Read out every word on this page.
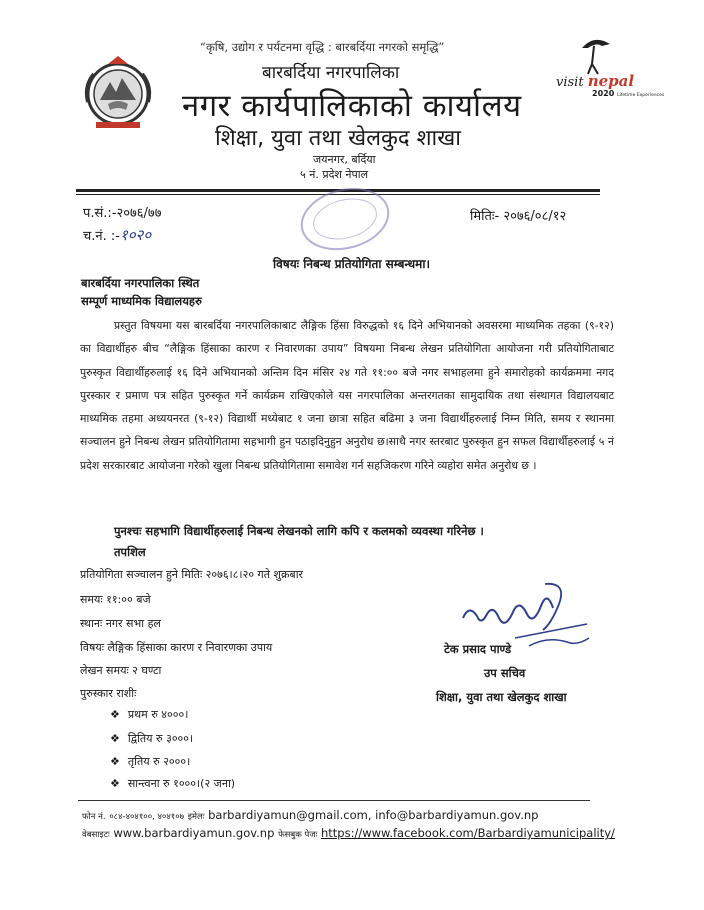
visit nepal
2020 Lifetime Experiences
“कृषि, उद्योग र पर्यटनमा वृद्धि : बारबर्दिया नगरको समृद्धि”
बारबर्दिया नगरपालिका
नगर कार्यपालिकाको कार्यालय
शिक्षा, युवा तथा खेलकुद शाखा
जयनगर, बर्दिया
५ नं. प्रदेश नेपाल
प.सं.:-२०७६/७७
च.नं. :-१०२०
मितिः- २०७६/०८/१२
विषयः निबन्ध प्रतियोगिता सम्बन्धमा।
बारबर्दिया नगरपालिका स्थित
सम्पूर्ण माध्यमिक विद्यालयहरु
प्रस्तुत विषयमा यस बारबर्दिया नगरपालिकाबाट लैङ्गिक हिंसा विरुद्धको १६ दिने अभियानको अवसरमा माध्यमिक तहका (९-१२) का विद्यार्थीहरु बीच “लैङ्गिक हिंसाका कारण र निवारणका उपाय” विषयमा निबन्ध लेखन प्रतियोगिता आयोजना गरी प्रतियोगिताबाट पुरुस्कृत विद्यार्थीहरुलाई १६ दिने अभियानको अन्तिम दिन मंसिर २४ गते ११:०० बजे नगर सभाहलमा हुने समारोहको कार्यक्रममा नगद पुरस्कार र प्रमाण पत्र सहित पुरुस्कृत गर्ने कार्यक्रम राखिएकोले यस नगरपालिका अन्तरगतका सामुदायिक तथा संस्थागत विद्यालयबाट माध्यमिक तहमा अध्ययनरत (९-१२) विद्यार्थी मध्येबाट १ जना छात्रा सहित बढिमा ३ जना विद्यार्थीहरुलाई निम्न मिति, समय र स्थानमा सञ्चालन हुने निबन्ध लेखन प्रतियोगितामा सहभागी हुन पठाइदिनुहुन अनुरोध छ।साथै नगर स्तरबाट पुरुस्कृत हुन सफल विद्यार्थीहरुलाई ५ नं प्रदेश सरकारबाट आयोजना गरेको खुला निबन्ध प्रतियोगितामा समावेश गर्न सहजिकरण गरिने व्यहोरा समेत अनुरोध छ ।
पुनश्चः सहभागि विद्यार्थीहरुलाई निबन्ध लेखनको लागि कपि र कलमको व्यवस्था गरिनेछ ।
तपशिल
प्रतियोगिता सञ्चालन हुने मितिः २०७६।८।२० गते शुक्रबार
समयः ११:०० बजे
स्थानः नगर सभा हल
विषयः लैङ्गिक हिंसाका कारण र निवारणका उपाय
लेखन समयः २ घण्टा
पुरुस्कार राशीः
❖ प्रथम रु ४०००।
❖ द्वितिय रु ३०००।
❖ तृतिय रु २०००।
❖ सान्त्वना रु १०००।(२ जना)
टेक प्रसाद पाण्डे
उप सचिव
शिक्षा, युवा तथा खेलकुद शाखा
फोन नं. ०८४-४०४१००, ४०४१०७ इमेलः barbardiyamun@gmail.com, info@barbardiyamun.gov.np
वेबसाइटः www.barbardiyamun.gov.np फेसबुक पेजः https://www.facebook.com/Barbardiyamunicipality/
